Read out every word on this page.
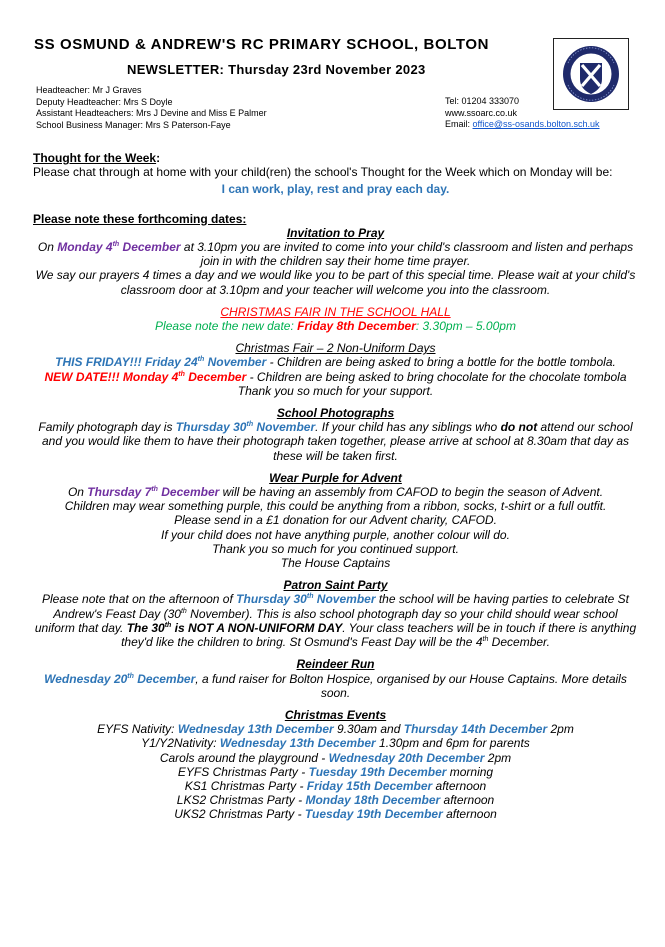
SS OSMUND & ANDREW'S RC PRIMARY SCHOOL, BOLTON
NEWSLETTER: Thursday 23rd November 2023
Headteacher: Mr J Graves
Deputy Headteacher: Mrs S Doyle
Assistant Headteachers: Mrs J Devine and Miss E Palmer
School Business Manager: Mrs S Paterson-Faye
Tel: 01204 333070
www.ssoarc.co.uk
Email: office@ss-osands.bolton.sch.uk

Thought for the Week:

Please chat through at home with your child(ren) the school's Thought for the Week which on Monday will be:

I can work, play, rest and pray each day.

Please note these forthcoming dates:

Invitation to Pray

On Monday 4th December at 3.10pm you are invited to come into your child's classroom and listen and perhaps join in with the children say their home time prayer.

We say our prayers 4 times a day and we would like you to be part of this special time. Please wait at your child's classroom door at 3.10pm and your teacher will welcome you into the classroom.

CHRISTMAS FAIR IN THE SCHOOL HALL

Please note the new date: Friday 8th December: 3.30pm – 5.00pm

Christmas Fair – 2 Non-Uniform Days

THIS FRIDAY!!! Friday 24th November - Children are being asked to bring a bottle for the bottle tombola.

NEW DATE!!! Monday 4th December - Children are being asked to bring chocolate for the chocolate tombola

Thank you so much for your support.

School Photographs

Family photograph day is Thursday 30th November. If your child has any siblings who do not attend our school and you would like them to have their photograph taken together, please arrive at school at 8.30am that day as these will be taken first.

Wear Purple for Advent

On Thursday 7th December will be having an assembly from CAFOD to begin the season of Advent.

Children may wear something purple, this could be anything from a ribbon, socks, t-shirt or a full outfit.

Please send in a £1 donation for our Advent charity, CAFOD.

If your child does not have anything purple, another colour will do.

Thank you so much for you continued support.

The House Captains

Patron Saint Party

Please note that on the afternoon of Thursday 30th November the school will be having parties to celebrate St Andrew's Feast Day (30th November). This is also school photograph day so your child should wear school uniform that day. The 30th is NOT A NON-UNIFORM DAY. Your class teachers will be in touch if there is anything they'd like the children to bring. St Osmund's Feast Day will be the 4th December.

Reindeer Run

Wednesday 20th December, a fund raiser for Bolton Hospice, organised by our House Captains. More details soon.

Christmas Events

EYFS Nativity: Wednesday 13th December 9.30am and Thursday 14th December 2pm

Y1/Y2Nativity: Wednesday 13th December 1.30pm and 6pm for parents

Carols around the playground - Wednesday 20th December 2pm

EYFS Christmas Party - Tuesday 19th December morning

KS1 Christmas Party - Friday 15th December afternoon

LKS2 Christmas Party - Monday 18th December afternoon

UKS2 Christmas Party - Tuesday 19th December afternoon
